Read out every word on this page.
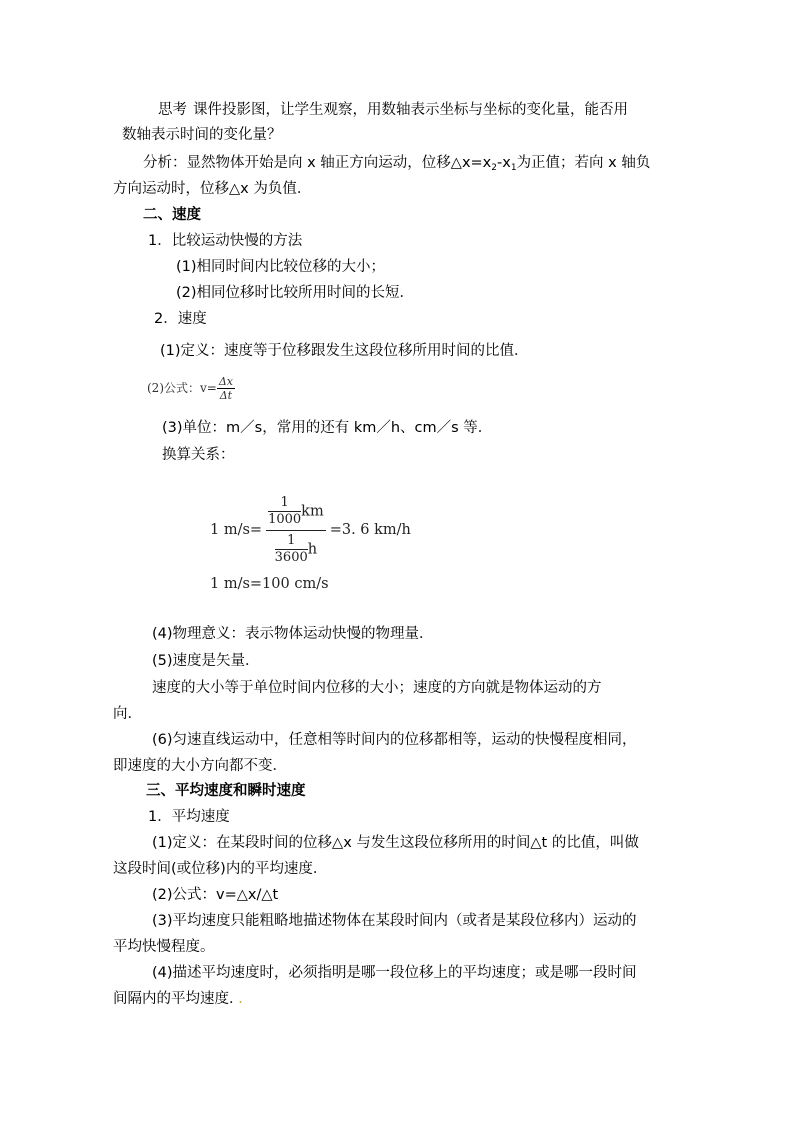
思考 课件投影图，让学生观察，用数轴表示坐标与坐标的变化量，能否用
数轴表示时间的变化量？
分析：显然物体开始是向 x 轴正方向运动，位移$\triangle x=x_2-x_1$为正值；若向 x 轴负
方向运动时，位移△x 为负值．
二、速度
1．比较运动快慢的方法
(1)相同时间内比较位移的大小；
(2)相同位移时比较所用时间的长短．
2．速度
(1)定义：速度等于位移跟发生这段位移所用时间的比值．
(2)公式：$v= \frac{\Delta x}{\Delta t}$
(3)单位：m／s，常用的还有 km／h、cm／s 等．
换算关系：
1 $m/s= \frac{\frac{1}{1000} km}{\frac{1}{3600} h} =3$. 6 km/h
1 m/s=100 cm/s
(4)物理意义：表示物体运动快慢的物理量．
(5)速度是矢量．
速度的大小等于单位时间内位移的大小；速度的方向就是物体运动的方
向．
(6)匀速直线运动中，任意相等时间内的位移都相等，运动的快慢程度相同，
即速度的大小方向都不变．
三、平均速度和瞬时速度
1．平均速度
(1)定义：在某段时间的位移△x 与发生这段位移所用的时间△t 的比值，叫做
这段时间(或位移)内的平均速度．
(2)公式：v=△x/△t
(3)平均速度只能粗略地描述物体在某段时间内（或者是某段位移内）运动的
平均快慢程度。
(4)描述平均速度时，必须指明是哪一段位移上的平均速度；或是哪一段时间
间隔内的平均速度． ．
